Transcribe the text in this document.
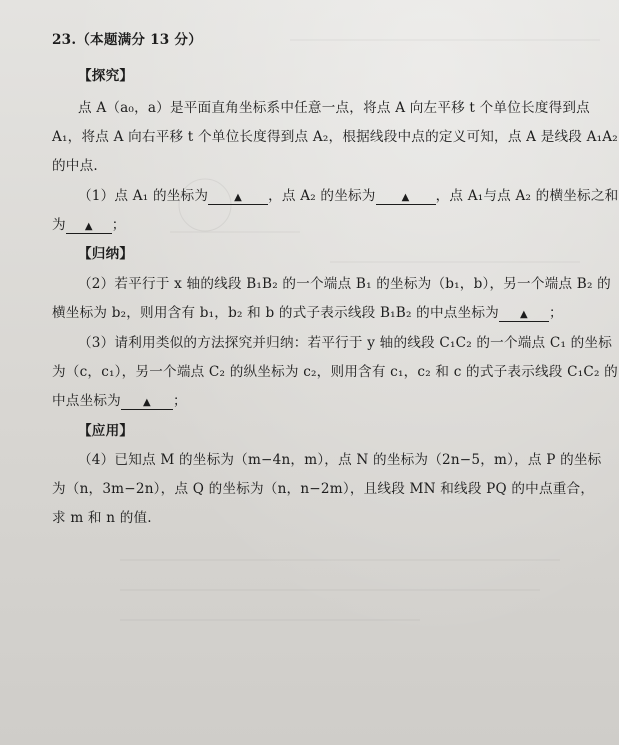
23.（本题满分 13 分）
【探究】
点 A（a₀，a）是平面直角坐标系中任意一点，将点 A 向左平移 t 个单位长度得到点
A₁，将点 A 向右平移 t 个单位长度得到点 A₂，根据线段中点的定义可知，点 A 是线段 A₁A₂
的中点.
（1）点 A₁ 的坐标为	▲ ，点 A₂ 的坐标为	▲ ，点 A₁与点 A₂ 的横坐标之和
为 ▲ ；
【归纳】
（2）若平行于 x 轴的线段 B₁B₂ 的一个端点 B₁ 的坐标为（b₁，b），另一个端点 B₂ 的
横坐标为 b₂，则用含有 b₁，b₂ 和 b 的式子表示线段 B₁B₂ 的中点坐标为 ▲ ；
（3）请利用类似的方法探究并归纳：若平行于 y 轴的线段 C₁C₂ 的一个端点 C₁ 的坐标
为（c，c₁），另一个端点 C₂ 的纵坐标为 c₂，则用含有 c₁，c₂ 和 c 的式子表示线段 C₁C₂ 的
中点坐标为 ▲ ；
【应用】
（4）已知点 M 的坐标为（m−4n，m），点 N 的坐标为（2n−5，m），点 P 的坐标
为（n，3m−2n），点 Q 的坐标为（n，n−2m），且线段 MN 和线段 PQ 的中点重合，
求 m 和 n 的值.
